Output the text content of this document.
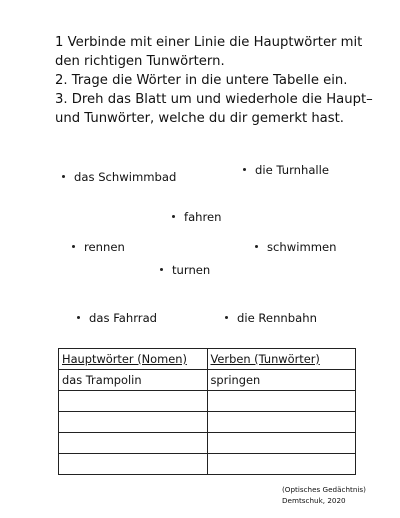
1 Verbinde mit einer Linie die Hauptwörter mit
den richtigen Tunwörtern.
2. Trage die Wörter in die untere Tabelle ein.
3. Dreh das Blatt um und wiederhole die Haupt–
und Tunwörter, welche du dir gemerkt hast.
das Schwimmbad	die Turnhalle
fahren
rennen	schwimmen
turnen
das Fahrrad	die Rennbahn
Hauptwörter (Nomen)	Verben (Tunwörter)
das Trampolin	springen

(Optisches Gedächtnis)
Demtschuk, 2020
